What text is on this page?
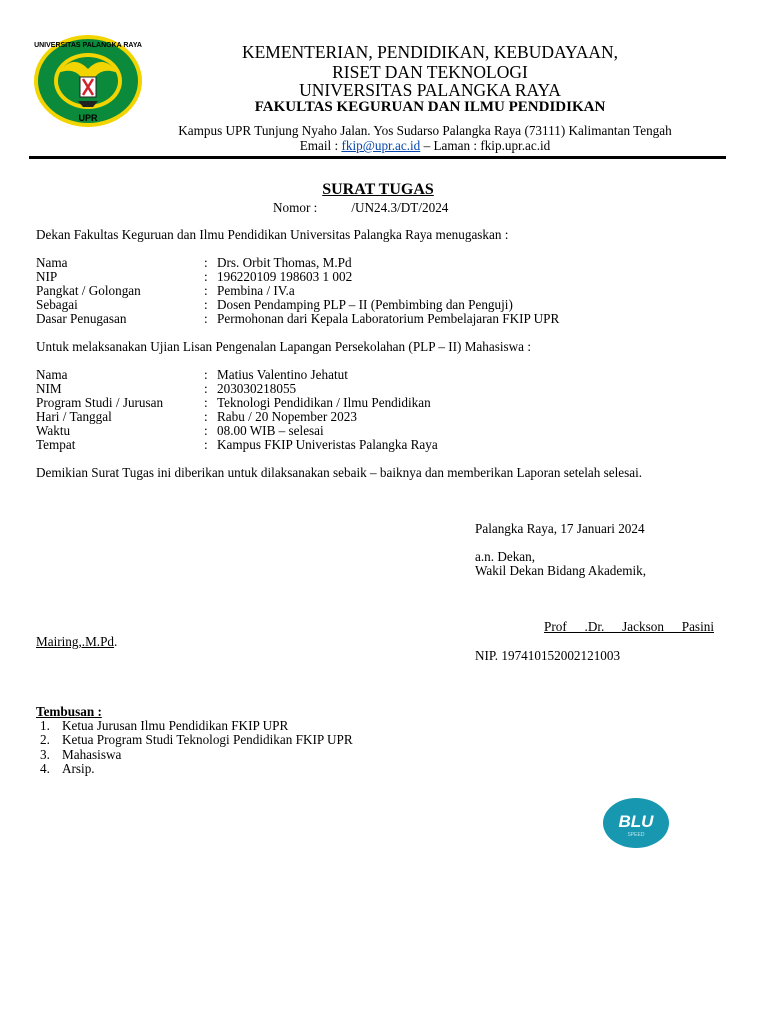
UNIVERSITAS PALANGKA RAYA
UPR
KEMENTERIAN, PENDIDIKAN, KEBUDAYAAN,
RISET DAN TEKNOLOGI
UNIVERSITAS PALANGKA RAYA
FAKULTAS KEGURUAN DAN ILMU PENDIDIKAN
Kampus UPR Tunjung Nyaho Jalan. Yos Sudarso Palangka Raya (73111) Kalimantan Tengah
Email : fkip@upr.ac.id – Laman : fkip.upr.ac.id
SURAT TUGAS
Nomor :	/UN24.3/DT/2024
Dekan Fakultas Keguruan dan Ilmu Pendidikan Universitas Palangka Raya menugaskan :
Nama	: Drs. Orbit Thomas, M.Pd
NIP	: 196220109 198603 1 002
Pangkat / Golongan	: Pembina / IV.a
Sebagai	: Dosen Pendamping PLP – II (Pembimbing dan Penguji)
Dasar Penugasan	: Permohonan dari Kepala Laboratorium Pembelajaran FKIP UPR
Untuk melaksanakan Ujian Lisan Pengenalan Lapangan Persekolahan (PLP – II) Mahasiswa :
Nama	: Matius Valentino Jehatut
NIM	: 203030218055
Program Studi / Jurusan	: Teknologi Pendidikan / Ilmu Pendidikan
Hari / Tanggal	: Rabu / 20 Nopember 2023
Waktu	: 08.00 WIB – selesai
Tempat	: Kampus FKIP Univeristas Palangka Raya
Demikian Surat Tugas ini diberikan untuk dilaksanakan sebaik – baiknya dan memberikan Laporan setelah selesai.
Palangka Raya, 17 Januari 2024
a.n. Dekan,
Wakil Dekan Bidang Akademik,
Prof .Dr. Jackson Pasini
Mairing,.M.Pd.
NIP. 197410152002121003
Tembusan :
1. Ketua Jurusan Ilmu Pendidikan FKIP UPR
2. Ketua Program Studi Teknologi Pendidikan FKIP UPR
3. Mahasiswa
4. Arsip.
BLU
SPEED
